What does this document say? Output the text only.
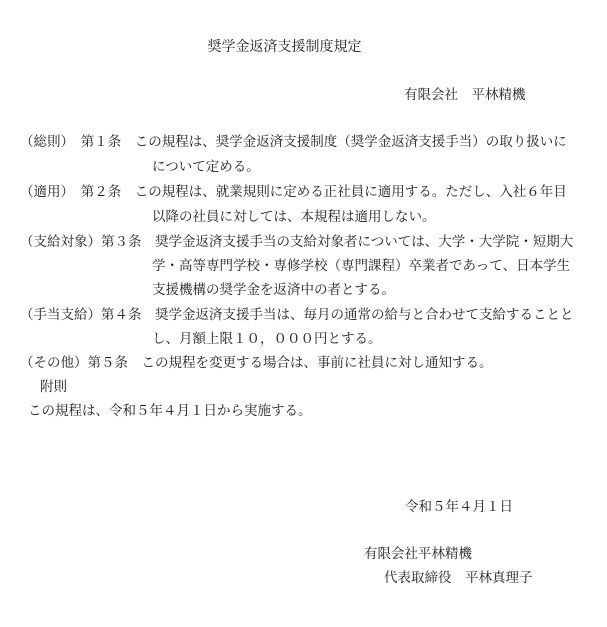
奨学金返済支援制度規定
有限会社　平林精機
（総則）　第１条　この規程は、奨学金返済支援制度（奨学金返済支援手当）の取り扱いに
について定める。
（適用）　第２条　この規程は、就業規則に定める正社員に適用する。ただし、入社６年目
以降の社員に対しては、本規程は適用しない。
（支給対象）第３条　奨学金返済支援手当の支給対象者については、大学・大学院・短期大
学・高等専門学校・専修学校（専門課程）卒業者であって、日本学生
支援機構の奨学金を返済中の者とする。
（手当支給）第４条　奨学金返済支援手当は、毎月の通常の給与と合わせて支給することと
し、月額上限１０，０００円とする。
（その他）第５条　この規程を変更する場合は、事前に社員に対し通知する。
附則
この規程は、令和５年４月１日から実施する。
令和５年４月１日
有限会社平林精機
代表取締役　平林真理子
